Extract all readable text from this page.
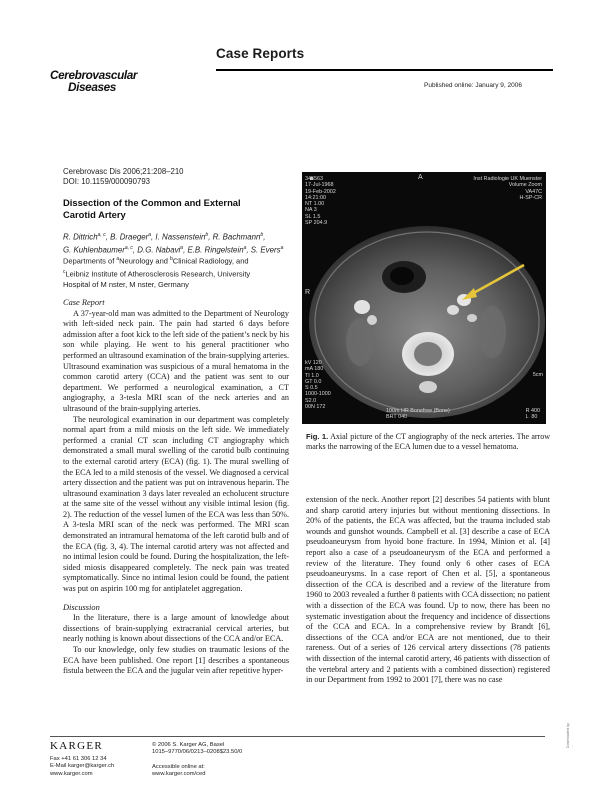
Case Reports
Cerebrovascular
Diseases	Published online: January 9, 2006
Cerebrovasc Dis 2006;21:208–210
DOI: 10.1159/000090793
Dissection of the Common and External
Carotid Artery
R. Dittrich$^{a, c}$, B. Draeger$^a$, I. Nassenstein$^b$, R. Bachmann$^b$,
G. Kuhlenbaumer$^{a, c}$, D.G. Nabavi$^a$, E.B. Ringelstein$^a$, S. Evers$^a$
Departments of $^a$Neurology and $^b$Clinical Radiology, and
$^c$Leibniz Institute of Atherosclerosis Research, University
Hospital of M nster, M nster, Germany
Case Report

A 37-year-old man was admitted to the Department of Neurology with left-sided neck pain. The pain had started 6 days before admission after a foot kick to the left side of the patient’s neck by his son while playing. He went to his general practitioner who performed an ultrasound examination of the brain-supplying arteries. Ultrasound examination was suspicious of a mural hematoma in the common carotid artery (CCA) and the patient was sent to our department. We performed a neurological examination, a CT angiography, a 3-tesla MRI scan of the neck arteries and an ultrasound of the brain-supplying arteries.

The neurological examination in our department was completely normal apart from a mild miosis on the left side. We immediately performed a cranial CT scan including CT angiography which demonstrated a small mural swelling of the carotid bulb continuing to the external carotid artery (ECA) (fig. 1). The mural swelling of the ECA led to a mild stenosis of the vessel. We diagnosed a cervical artery dissection and the patient was put on intravenous heparin. The ultrasound examination 3 days later revealed an echolucent structure at the same site of the vessel without any visible intimal lesion (fig. 2). The reduction of the vessel lumen of the ECA was less than 50%. A 3-tesla MRI scan of the neck was performed. The MRI scan demonstrated an intramural hematoma of the left carotid bulb and of the ECA (fig. 3, 4). The internal carotid artery was not affected and no intimal lesion could be found. During the hospitalization, the left-sided miosis disappeared completely. The neck pain was treated symptomatically. Since no intimal lesion could be found, the patient was put on aspirin 100 mg for antiplatelet aggregation.

Discussion

In the literature, there is a large amount of knowledge about dissections of brain-supplying extracranial cervical arteries, but nearly nothing is known about dissections of the CCA and/or ECA.

To our knowledge, only few studies on traumatic lesions of the ECA have been published. One report [1] describes a spontaneous fistula between the ECA and the jugular vein after repetitive hyper-

345563
17-Jul-1968
19-Feb-2002
14:21:00
NT 1.00
NA 3
SL 1.5
SP 204.9
Inst Radiologie UK Muenster
Volume Zoom
VA47C
H-SP-CR
A
R
5cm
kV 120
mA 180
TI 1.0
GT 0.0
S 0.5
1000-1000
S2.0
00N 172
100m HR Bonefree (Bone)
BRT 040
R 400
L  80
Fig. 1. Axial picture of the CT angiography of the neck arteries. The arrow marks the narrowing of the ECA lumen due to a vessel hematoma.

extension of the neck. Another report [2] describes 54 patients with blunt and sharp carotid artery injuries but without mentioning dissections. In 20% of the patients, the ECA was affected, but the trauma included stab wounds and gunshot wounds. Campbell et al. [3] describe a case of ECA pseudoaneurysm from hyoid bone fracture. In 1994, Minion et al. [4] report also a case of a pseudoaneurysm of the ECA and performed a review of the literature. They found only 6 other cases of ECA pseudoaneurysms. In a case report of Chen et al. [5], a spontaneous dissection of the CCA is described and a review of the literature from 1960 to 2003 revealed a further 8 patients with CCA dissection; no patient with a dissection of the ECA was found. Up to now, there has been no systematic investigation about the frequency and incidence of dissections of the CCA and ECA. In a comprehensive review by Brandt [6], dissections of the CCA and/or ECA are not mentioned, due to their rareness. Out of a series of 126 cervical artery dissections (78 patients with dissection of the internal carotid artery, 46 patients with dissection of the vertebral artery and 2 patients with a combined dissection) registered in our Department from 1992 to 2001 [7], there was no case

KARGER
Fax +41 61 306 12 34
E-Mail karger@karger.ch
www.karger.com
© 2006 S. Karger AG, Basel
1015–9770/06/0213–0208$23.50/0
Accessible online at:
www.karger.com/ced
Downloaded by:
...
